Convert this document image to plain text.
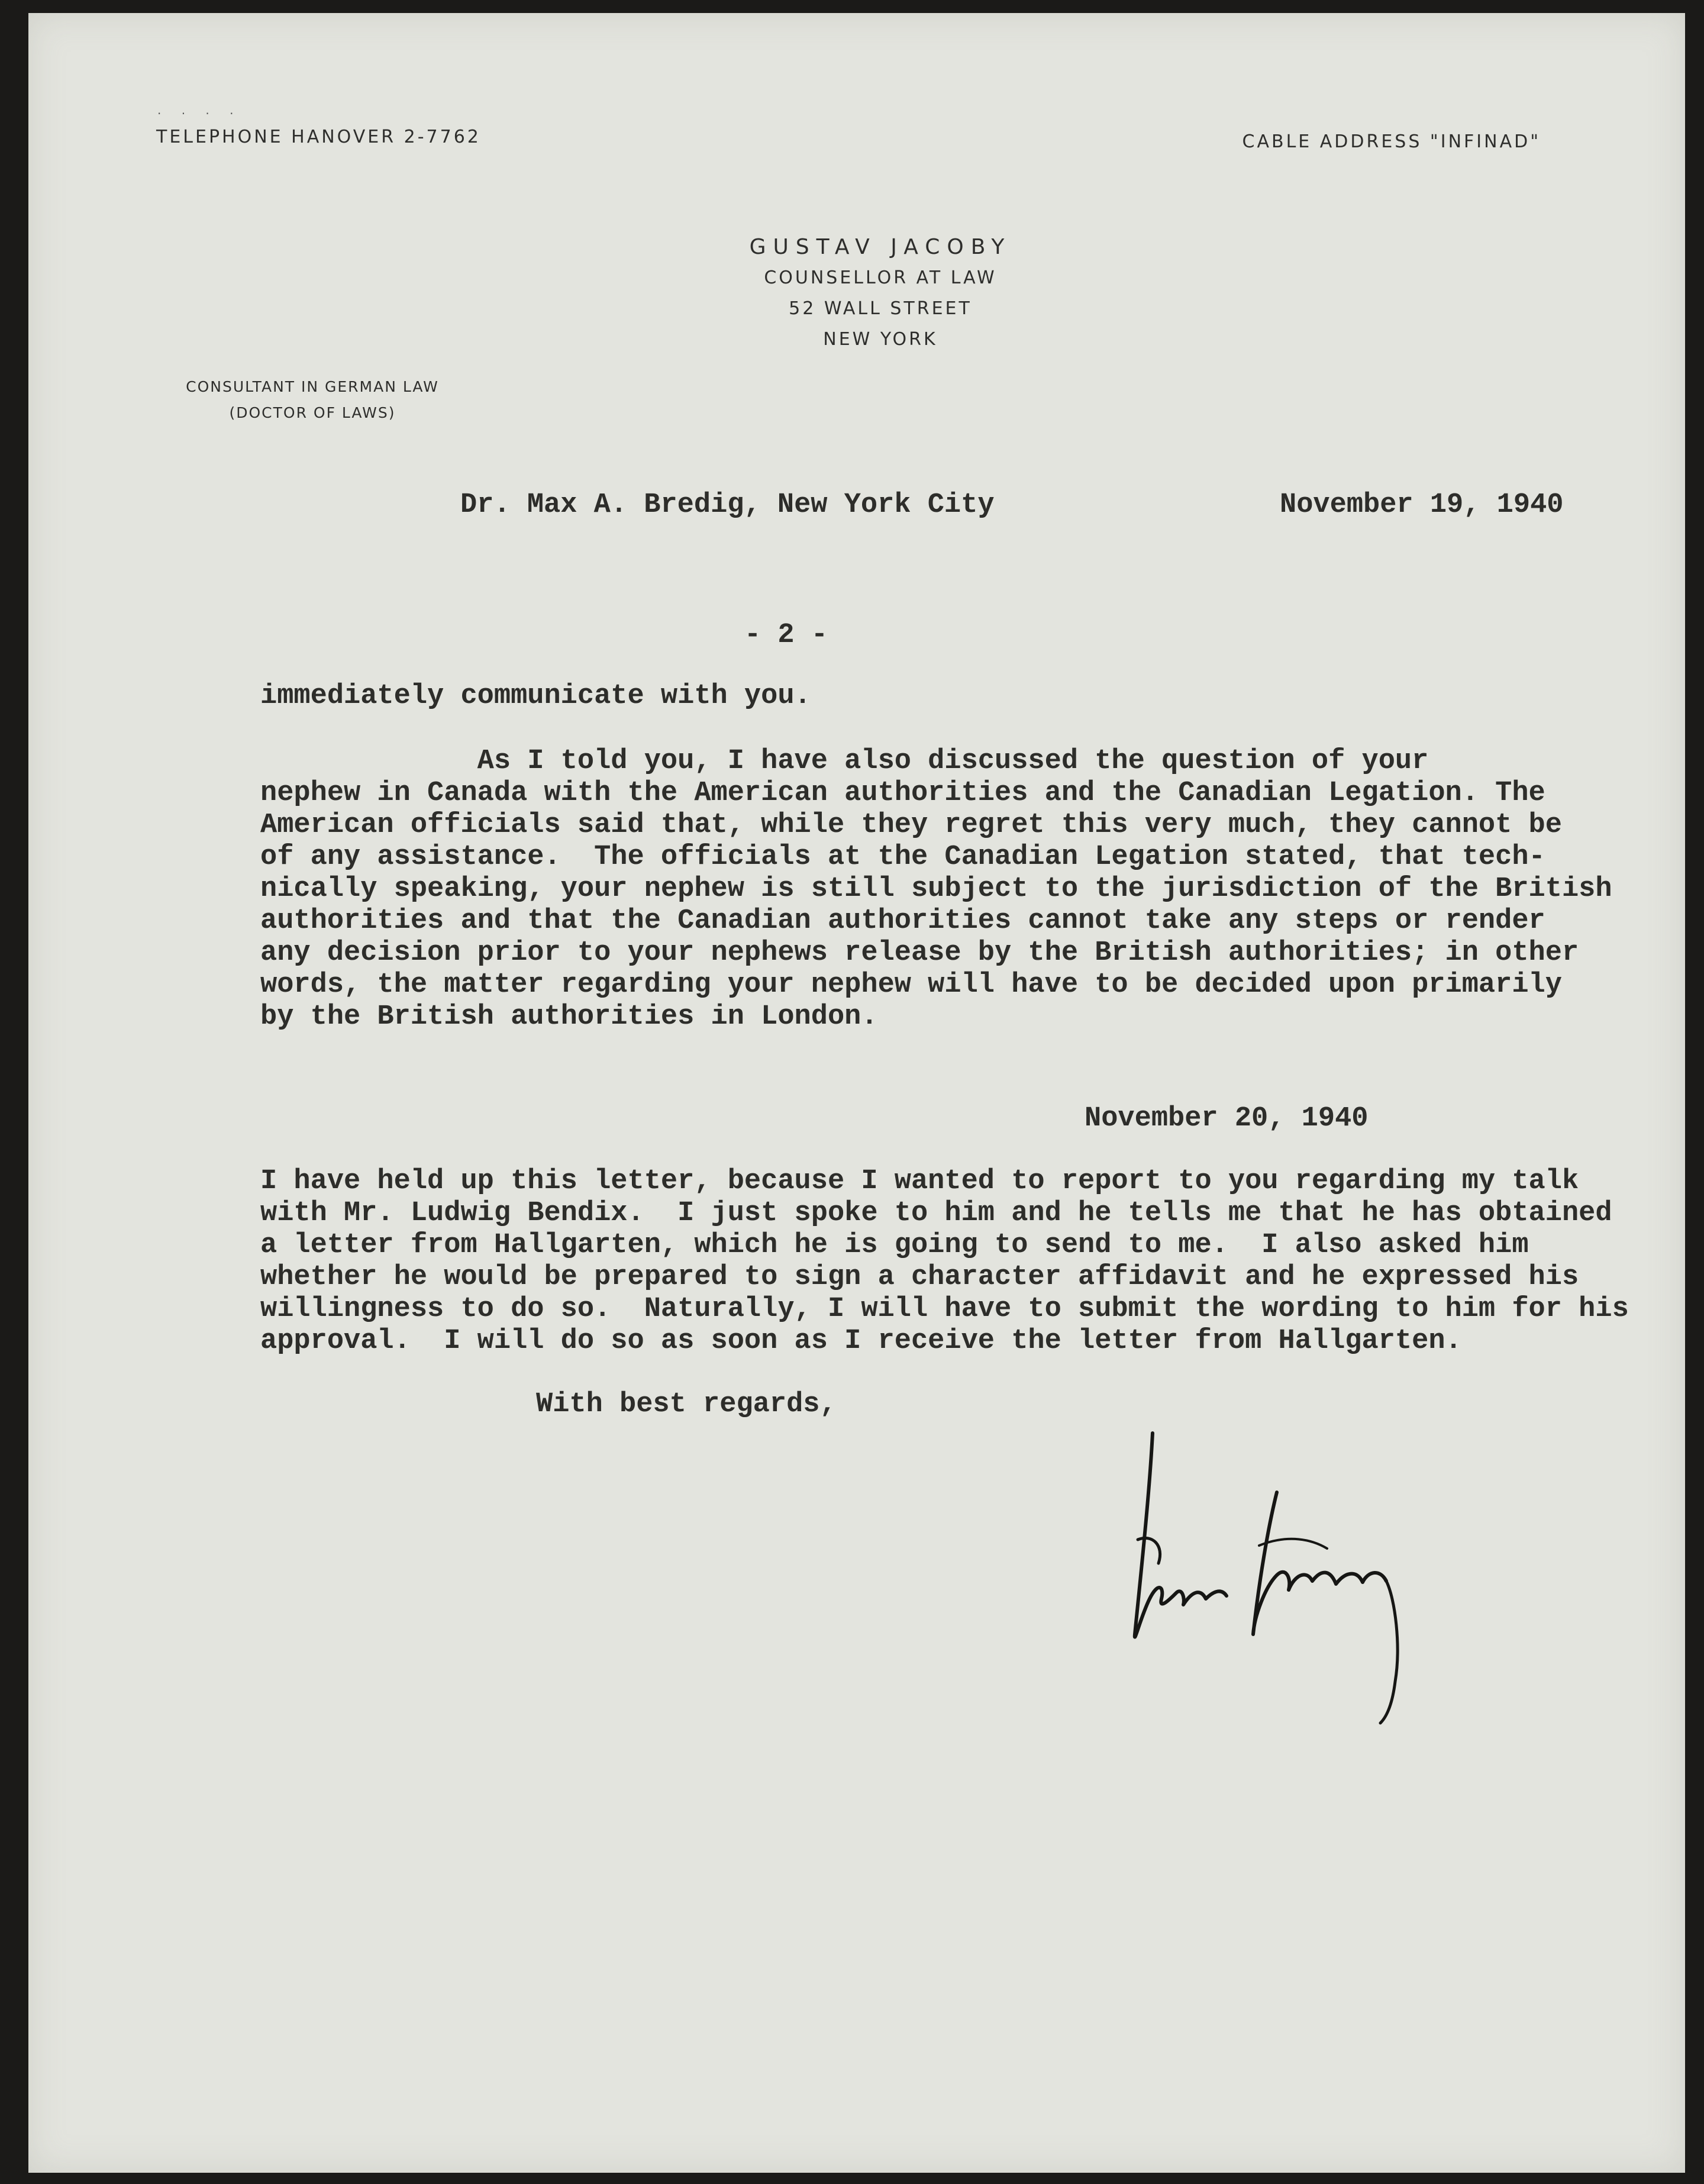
· · · ·
TELEPHONE HANOVER 2-7762	CABLE ADDRESS "INFINAD"
GUSTAV JACOBY
COUNSELLOR AT LAW
52 WALL STREET
NEW YORK
CONSULTANT IN GERMAN LAW
(DOCTOR OF LAWS)
Dr. Max A. Bredig, New York City	November 19, 1940
- 2 -
immediately communicate with you.
As I told you, I have also discussed the question of your
nephew in Canada with the American authorities and the Canadian Legation. The
American officials said that, while they regret this very much, they cannot be
of any assistance.  The officials at the Canadian Legation stated, that tech-
nically speaking, your nephew is still subject to the jurisdiction of the British
authorities and that the Canadian authorities cannot take any steps or render
any decision prior to your nephews release by the British authorities; in other
words, the matter regarding your nephew will have to be decided upon primarily
by the British authorities in London.
November 20, 1940
I have held up this letter, because I wanted to report to you regarding my talk
with Mr. Ludwig Bendix.  I just spoke to him and he tells me that he has obtained
a letter from Hallgarten, which he is going to send to me.  I also asked him
whether he would be prepared to sign a character affidavit and he expressed his
willingness to do so.  Naturally, I will have to submit the wording to him for his
approval.  I will do so as soon as I receive the letter from Hallgarten.
With best regards,
